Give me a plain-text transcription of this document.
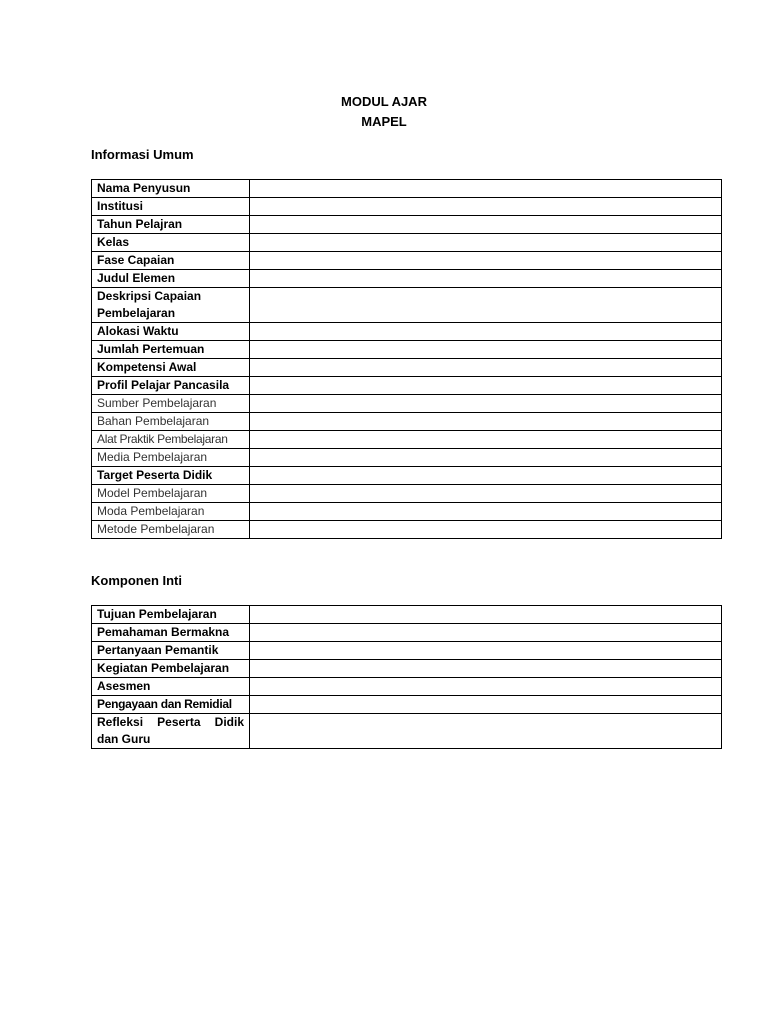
MODUL AJAR
MAPEL
Informasi Umum
Nama Penyusun	
Institusi	
Tahun Pelajran	
Kelas	
Fase Capaian	
Judul Elemen	
Deskripsi Capaian Pembelajaran	
Alokasi Waktu	
Jumlah Pertemuan	
Kompetensi Awal	
Profil Pelajar Pancasila	
Sumber Pembelajaran	
Bahan Pembelajaran	
Alat Praktik Pembelajaran	
Media Pembelajaran	
Target Peserta Didik	
Model Pembelajaran	
Moda Pembelajaran	
Metode Pembelajaran	
Komponen Inti
Tujuan Pembelajaran	
Pemahaman Bermakna	
Pertanyaan Pemantik	
Kegiatan Pembelajaran	
Asesmen	
Pengayaan dan Remidial	
Refleksi Peserta Didik dan Guru	
